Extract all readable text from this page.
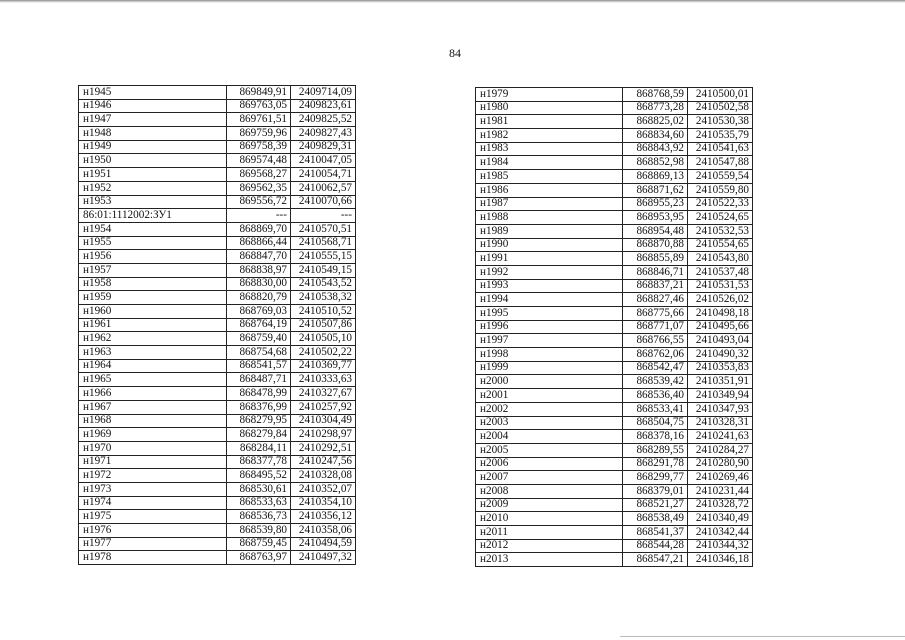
84
н1945	869849,91	2409714,09
н1946	869763,05	2409823,61
н1947	869761,51	2409825,52
н1948	869759,96	2409827,43
н1949	869758,39	2409829,31
н1950	869574,48	2410047,05
н1951	869568,27	2410054,71
н1952	869562,35	2410062,57
н1953	869556,72	2410070,66
86:01:1112002:ЗУ1	---	---
н1954	868869,70	2410570,51
н1955	868866,44	2410568,71
н1956	868847,70	2410555,15
н1957	868838,97	2410549,15
н1958	868830,00	2410543,52
н1959	868820,79	2410538,32
н1960	868769,03	2410510,52
н1961	868764,19	2410507,86
н1962	868759,40	2410505,10
н1963	868754,68	2410502,22
н1964	868541,57	2410369,77
н1965	868487,71	2410333,63
н1966	868478,99	2410327,67
н1967	868376,99	2410257,92
н1968	868279,95	2410304,49
н1969	868279,84	2410298,97
н1970	868284,11	2410292,51
н1971	868377,78	2410247,56
н1972	868495,52	2410328,08
н1973	868530,61	2410352,07
н1974	868533,63	2410354,10
н1975	868536,73	2410356,12
н1976	868539,80	2410358,06
н1977	868759,45	2410494,59
н1978	868763,97	2410497,32
н1979	868768,59	2410500,01
н1980	868773,28	2410502,58
н1981	868825,02	2410530,38
н1982	868834,60	2410535,79
н1983	868843,92	2410541,63
н1984	868852,98	2410547,88
н1985	868869,13	2410559,54
н1986	868871,62	2410559,80
н1987	868955,23	2410522,33
н1988	868953,95	2410524,65
н1989	868954,48	2410532,53
н1990	868870,88	2410554,65
н1991	868855,89	2410543,80
н1992	868846,71	2410537,48
н1993	868837,21	2410531,53
н1994	868827,46	2410526,02
н1995	868775,66	2410498,18
н1996	868771,07	2410495,66
н1997	868766,55	2410493,04
н1998	868762,06	2410490,32
н1999	868542,47	2410353,83
н2000	868539,42	2410351,91
н2001	868536,40	2410349,94
н2002	868533,41	2410347,93
н2003	868504,75	2410328,31
н2004	868378,16	2410241,63
н2005	868289,55	2410284,27
н2006	868291,78	2410280,90
н2007	868299,77	2410269,46
н2008	868379,01	2410231,44
н2009	868521,27	2410328,72
н2010	868538,49	2410340,49
н2011	868541,37	2410342,44
н2012	868544,28	2410344,32
н2013	868547,21	2410346,18
